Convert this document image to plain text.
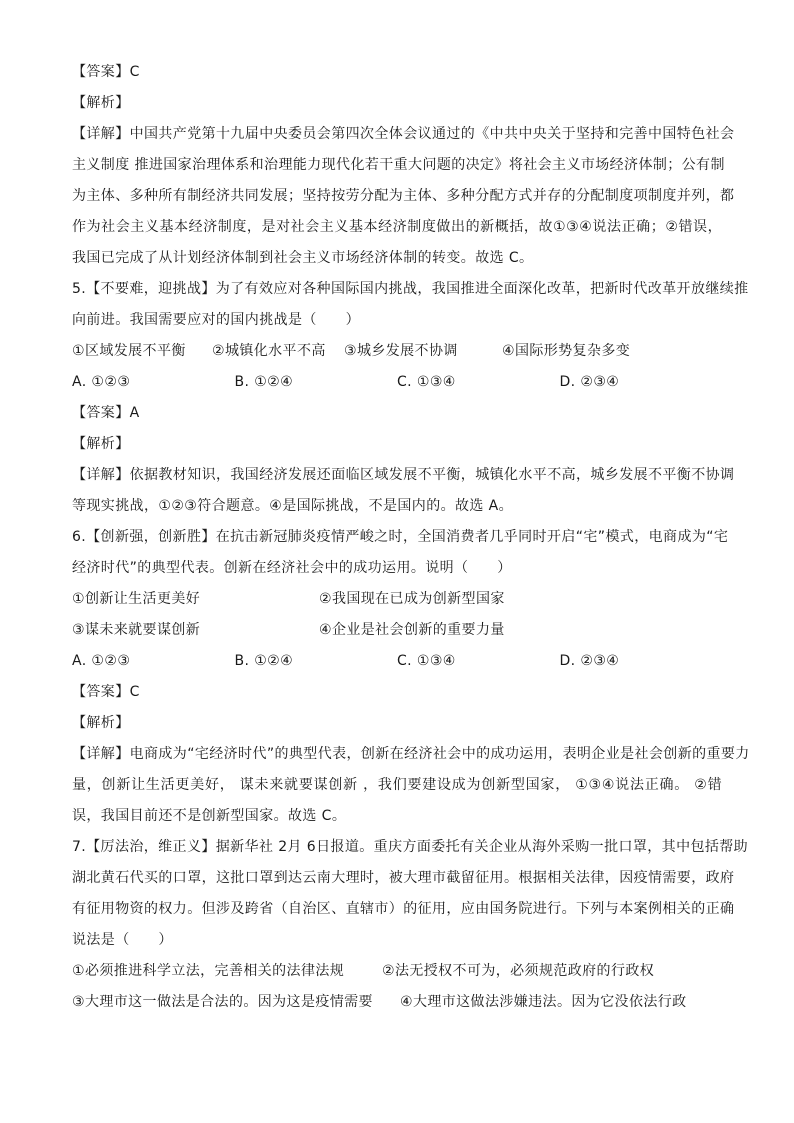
【答案】C
【解析】
【详解】中国共产党第十九届中央委员会第四次全体会议通过的《中共中央关于坚持和完善中国特色社会
主义制度 推进国家治理体系和治理能力现代化若干重大问题的决定》将社会主义市场经济体制；公有制
为主体、多种所有制经济共同发展；坚持按劳分配为主体、多种分配方式并存的分配制度项制度并列，都
作为社会主义基本经济制度，是对社会主义基本经济制度做出的新概括，故①③④说法正确；②错误，
我国已完成了从计划经济体制到社会主义市场经济体制的转变。故选 C。
5.【不要难，迎挑战】为了有效应对各种国际国内挑战，我国推进全面深化改革，把新时代改革开放继续推
向前进。我国需要应对的国内挑战是（　　）
①区域发展不平衡	②城镇化水平不高	③城乡发展不协调	④国际形势复杂多变
A. ①②③	B. ①②④	C. ①③④	D. ②③④
【答案】A
【解析】
【详解】依据教材知识，我国经济发展还面临区域发展不平衡，城镇化水平不高，城乡发展不平衡不协调
等现实挑战，①②③符合题意。④是国际挑战，不是国内的。故选 A。
6.【创新强，创新胜】在抗击新冠肺炎疫情严峻之时，全国消费者几乎同时开启“宅”模式，电商成为“宅
经济时代”的典型代表。创新在经济社会中的成功运用。说明（　　）
①创新让生活更美好	②我国现在已成为创新型国家
③谋未来就要谋创新	④企业是社会创新的重要力量
A. ①②③	B. ①②④	C. ①③④	D. ②③④
【答案】C
【解析】
【详解】电商成为“宅经济时代”的典型代表，创新在经济社会中的成功运用，表明企业是社会创新的重要力
量，创新让生活更美好， 谋未来就要谋创新 ，我们要建设成为创新型国家， ①③④说法正确。 ②错
误，我国目前还不是创新型国家。故选 C。
7.【厉法治，维正义】据新华社 2月 6日报道。重庆方面委托有关企业从海外采购一批口罩，其中包括帮助
湖北黄石代买的口罩，这批口罩到达云南大理时，被大理市截留征用。根据相关法律，因疫情需要，政府
有征用物资的权力。但涉及跨省（自治区、直辖市）的征用，应由国务院进行。下列与本案例相关的正确
说法是（　　）
①必须推进科学立法，完善相关的法律法规	②法无授权不可为，必须规范政府的行政权
③大理市这一做法是合法的。因为这是疫情需要	④大理市这做法涉嫌违法。因为它没依法行政
